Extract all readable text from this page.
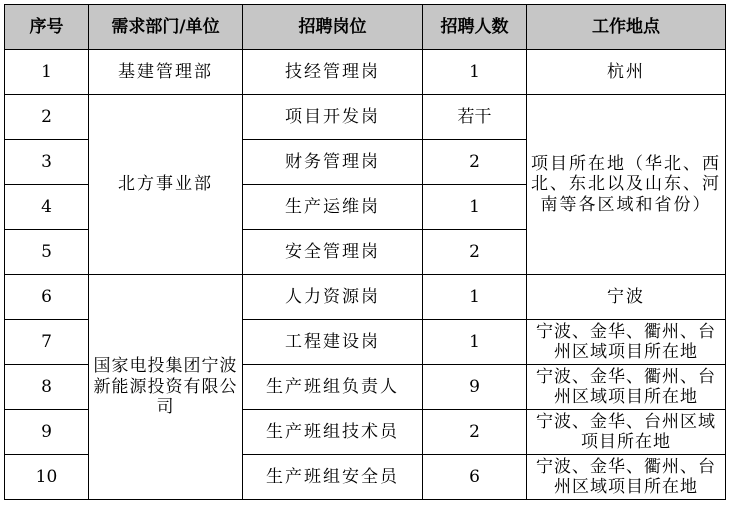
序号	需求部门/单位	招聘岗位	招聘人数	工作地点
1	基建管理部	技经管理岗	1	杭州
2	北方事业部	项目开发岗	若干	项目所在地（华北、西北、东北以及山东、河南等各区域和省份）
3		财务管理岗	2	
4		生产运维岗	1	
5		安全管理岗	2	
6	国家电投集团宁波新能源投资有限公司	人力资源岗	1	宁波
7		工程建设岗	1	宁波、金华、衢州、台州区域项目所在地
8		生产班组负责人	9	宁波、金华、衢州、台州区域项目所在地
9		生产班组技术员	2	宁波、金华、台州区域项目所在地
10		生产班组安全员	6	宁波、金华、衢州、台州区域项目所在地
